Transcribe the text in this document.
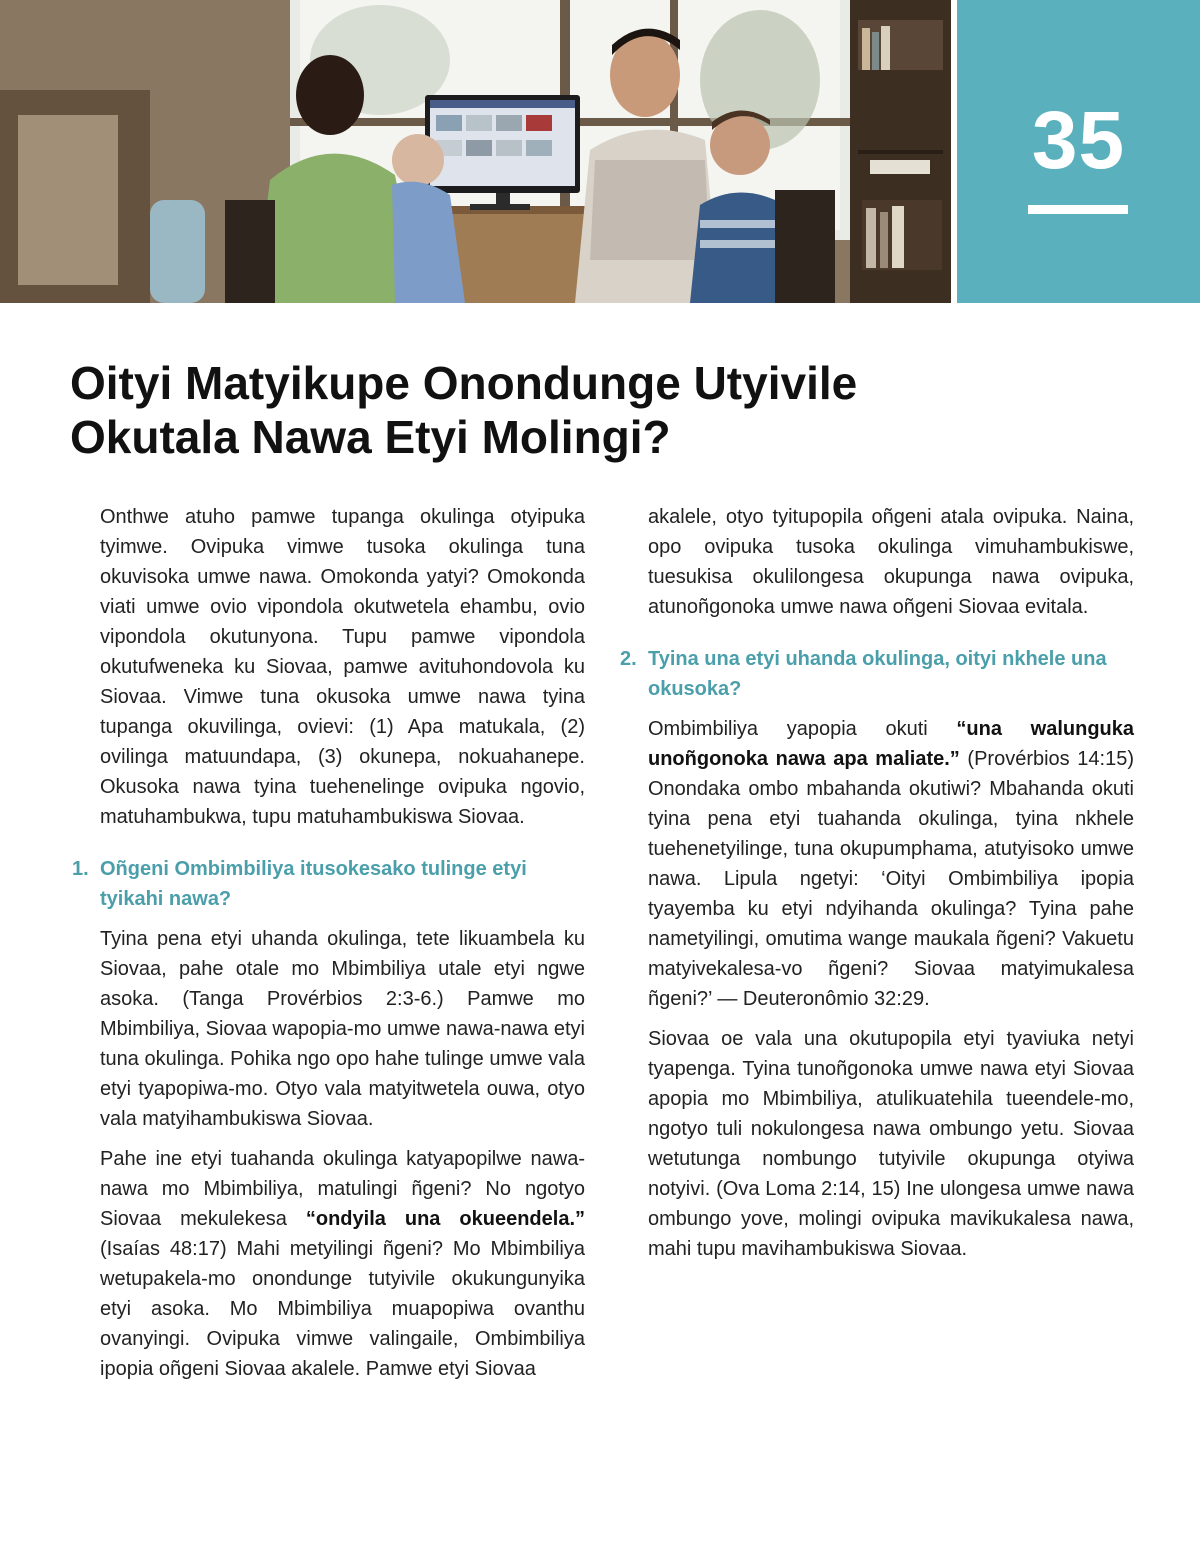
35
Oityi Matyikupe Onondunge Utyivile
Okutala Nawa Etyi Molingi?

Onthwe atuho pamwe tupanga okulinga otyipuka tyimwe. Ovipuka vimwe tusoka okulinga tuna okuvisoka umwe nawa. Omokonda yatyi? Omokonda viati umwe ovio vipondola okutwetela ehambu, ovio vipondola okutunyona. Tupu pamwe vipondola okutufweneka ku Siovaa, pamwe avituhondovola ku Siovaa. Vimwe tuna okusoka umwe nawa tyina tupanga okuvilinga, ovievi: (1) Apa matukala, (2) ovilinga matuundapa, (3) okunepa, nokuahanepe. Okusoka nawa tyina tuehenelinge ovipuka ngovio, matuhambukwa, tupu matuhambukiswa Siovaa.

1. Oñgeni Ombimbiliya itusokesako tulinge etyi tyikahi nawa?

Tyina pena etyi uhanda okulinga, tete likuambela ku Siovaa, pahe otale mo Mbimbiliya utale etyi ngwe asoka. (Tanga Provérbios 2:3-6.) Pamwe mo Mbimbiliya, Siovaa wapopia-mo umwe nawa-nawa etyi tuna okulinga. Pohika ngo opo hahe tulinge umwe vala etyi tyapopiwa-mo. Otyo vala matyitwetela ouwa, otyo vala matyihambukiswa Siovaa.

Pahe ine etyi tuahanda okulinga katyapopilwe nawa-nawa mo Mbimbiliya, matulingi ñgeni? No ngotyo Siovaa mekulekesa “ondyila una okueendela.” (Isaías 48:17) Mahi metyilingi ñgeni? Mo Mbimbiliya wetupakela-mo onondunge tutyivile okukungunyika etyi asoka. Mo Mbimbiliya muapopiwa ovanthu ovanyingi. Ovipuka vimwe valingaile, Ombimbiliya ipopia oñgeni Siovaa akalele. Pamwe etyi Siovaa

akalele, otyo tyitupopila oñgeni atala ovipuka. Naina, opo ovipuka tusoka okulinga vimuhambukiswe, tuesukisa okulilongesa okupunga nawa ovipuka, atunoñgonoka umwe nawa oñgeni Siovaa evitala.

2. Tyina una etyi uhanda okulinga, oityi nkhele una okusoka?

Ombimbiliya yapopia okuti “una walunguka unoñgonoka nawa apa maliate.” (Provérbios 14:15) Onondaka ombo mbahanda okutiwi? Mbahanda okuti tyina pena etyi tuahanda okulinga, tyina nkhele tuehenetyilinge, tuna okupumphama, atutyisoko umwe nawa. Lipula ngetyi: ‘Oityi Ombimbiliya ipopia tyayemba ku etyi ndyihanda okulinga? Tyina pahe nametyilingi, omutima wange maukala ñgeni? Vakuetu matyivekalesa-vo ñgeni? Siovaa matyimukalesa ñgeni?’ — Deuteronômio 32:29.

Siovaa oe vala una okutupopila etyi tyaviuka netyi tyapenga. Tyina tunoñgonoka umwe nawa etyi Siovaa apopia mo Mbimbiliya, atulikuatehila tueendele-mo, ngotyo tuli nokulongesa nawa ombungo yetu. Siovaa wetutunga nombungo tutyivile okupunga otyiwa notyivi. (Ova Loma 2:14, 15) Ine ulongesa umwe nawa ombungo yove, molingi ovipuka mavikukalesa nawa, mahi tupu mavihambukiswa Siovaa.
